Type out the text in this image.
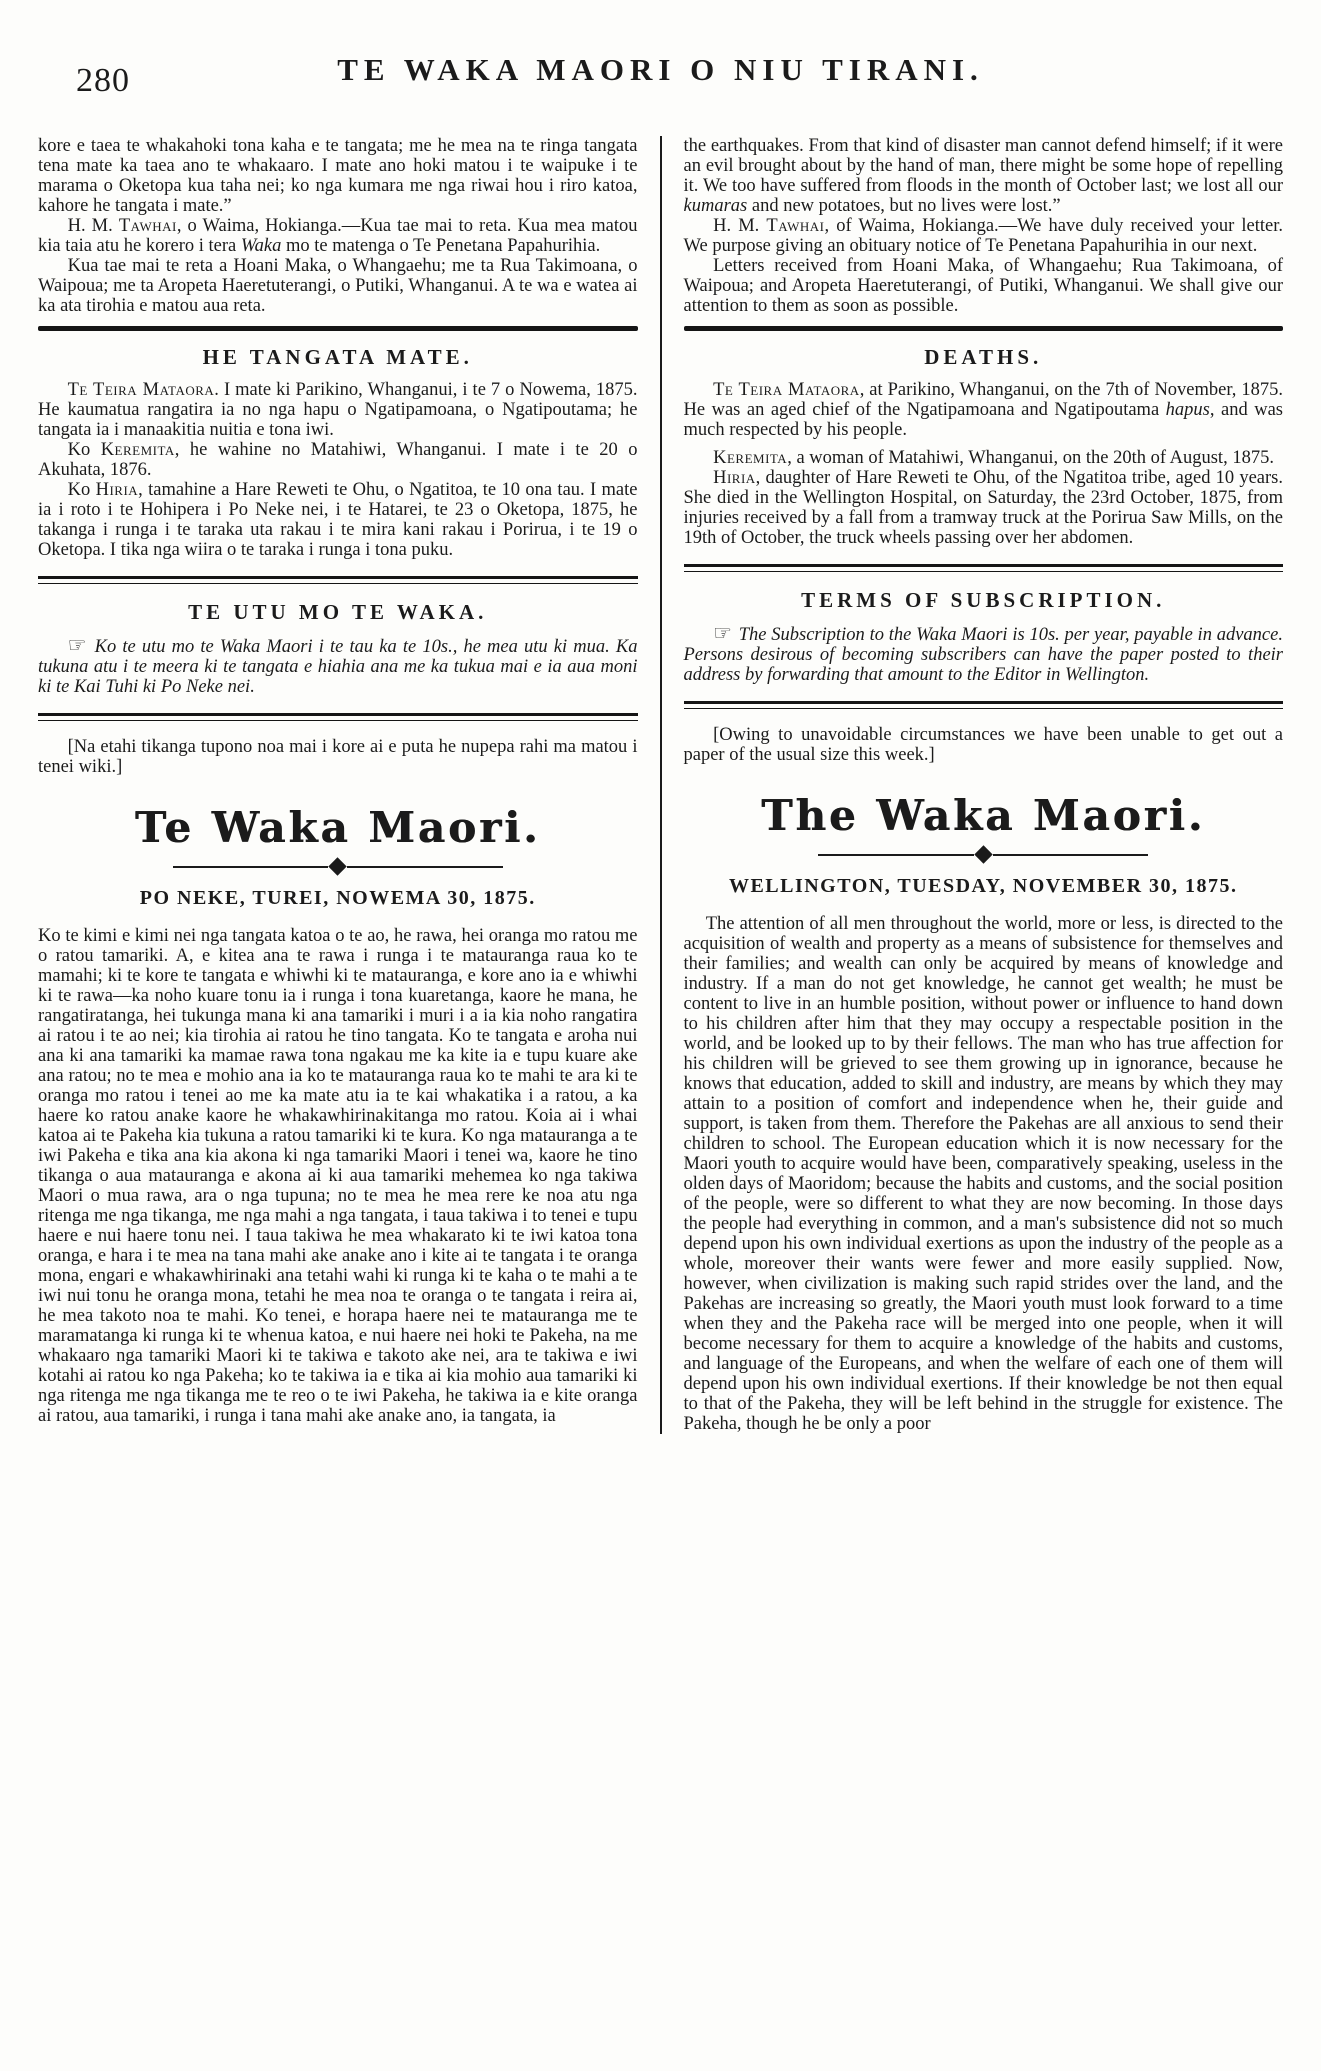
280	TE WAKA MAORI O NIU TIRANI.

kore e taea te whakahoki tona kaha e te tangata; me he mea na te ringa tangata tena mate ka taea ano te whakaaro. I mate ano hoki matou i te waipuke i te marama o Oketopa kua taha nei; ko nga kumara me nga riwai hou i riro katoa, kahore he tangata i mate.”

H. M. Tawhai, o Waima, Hokianga.—Kua tae mai to reta. Kua mea matou kia taia atu he korero i tera Waka mo te matenga o Te Penetana Papahurihia.

Kua tae mai te reta a Hoani Maka, o Whangaehu; me ta Rua Takimoana, o Waipoua; me ta Aropeta Haeretuterangi, o Putiki, Whanganui. A te wa e watea ai ka ata tirohia e matou aua reta.

HE TANGATA MATE.

Te Teira Mataora. I mate ki Parikino, Whanganui, i te 7 o Nowema, 1875. He kaumatua rangatira ia no nga hapu o Ngatipamoana, o Ngatipoutama; he tangata ia i manaakitia nuitia e tona iwi.

Ko Keremita, he wahine no Matahiwi, Whanganui. I mate i te 20 o Akuhata, 1876.

Ko Hiria, tamahine a Hare Reweti te Ohu, o Ngatitoa, te 10 ona tau. I mate ia i roto i te Hohipera i Po Neke nei, i te Hatarei, te 23 o Oketopa, 1875, he takanga i runga i te taraka uta rakau i te mira kani rakau i Porirua, i te 19 o Oketopa. I tika nga wiira o te taraka i runga i tona puku.

TE UTU MO TE WAKA.

☞ Ko te utu mo te Waka Maori i te tau ka te 10s., he mea utu ki mua. Ka tukuna atu i te meera ki te tangata e hiahia ana me ka tukua mai e ia aua moni ki te Kai Tuhi ki Po Neke nei.

[Na etahi tikanga tupono noa mai i kore ai e puta he nupepa rahi ma matou i tenei wiki.]

Te Waka Maori.
PO NEKE, TUREI, NOWEMA 30, 1875.

Ko te kimi e kimi nei nga tangata katoa o te ao, he rawa, hei oranga mo ratou me o ratou tamariki. A, e kitea ana te rawa i runga i te matauranga raua ko te mamahi; ki te kore te tangata e whiwhi ki te matauranga, e kore ano ia e whiwhi ki te rawa—ka noho kuare tonu ia i runga i tona kuaretanga, kaore he mana, he rangatiratanga, hei tukunga mana ki ana tamariki i muri i a ia kia noho rangatira ai ratou i te ao nei; kia tirohia ai ratou he tino tangata. Ko te tangata e aroha nui ana ki ana tamariki ka mamae rawa tona ngakau me ka kite ia e tupu kuare ake ana ratou; no te mea e mohio ana ia ko te matauranga raua ko te mahi te ara ki te oranga mo ratou i tenei ao me ka mate atu ia te kai whakatika i a ratou, a ka haere ko ratou anake kaore he whakawhirinakitanga mo ratou. Koia ai i whai katoa ai te Pakeha kia tukuna a ratou tamariki ki te kura. Ko nga matauranga a te iwi Pakeha e tika ana kia akona ki nga tamariki Maori i tenei wa, kaore he tino tikanga o aua matauranga e akona ai ki aua tamariki mehemea ko nga takiwa Maori o mua rawa, ara o nga tupuna; no te mea he mea rere ke noa atu nga ritenga me nga tikanga, me nga mahi a nga tangata, i taua takiwa i to tenei e tupu haere e nui haere tonu nei. I taua takiwa he mea whakarato ki te iwi katoa tona oranga, e hara i te mea na tana mahi ake anake ano i kite ai te tangata i te oranga mona, engari e whakawhirinaki ana tetahi wahi ki runga ki te kaha o te mahi a te iwi nui tonu he oranga mona, tetahi he mea noa te oranga o te tangata i reira ai, he mea takoto noa te mahi. Ko tenei, e horapa haere nei te matauranga me te maramatanga ki runga ki te whenua katoa, e nui haere nei hoki te Pakeha, na me whakaaro nga tamariki Maori ki te takiwa e takoto ake nei, ara te takiwa e iwi kotahi ai ratou ko nga Pakeha; ko te takiwa ia e tika ai kia mohio aua tamariki ki nga ritenga me nga tikanga me te reo o te iwi Pakeha, he takiwa ia e kite oranga ai ratou, aua tamariki, i runga i tana mahi ake anake ano, ia tangata, ia

the earthquakes. From that kind of disaster man cannot defend himself; if it were an evil brought about by the hand of man, there might be some hope of repelling it. We too have suffered from floods in the month of October last; we lost all our kumaras and new potatoes, but no lives were lost.”

H. M. Tawhai, of Waima, Hokianga.—We have duly received your letter. We purpose giving an obituary notice of Te Penetana Papahurihia in our next.

Letters received from Hoani Maka, of Whangaehu; Rua Takimoana, of Waipoua; and Aropeta Haeretuterangi, of Putiki, Whanganui. We shall give our attention to them as soon as possible.

DEATHS.

Te Teira Mataora, at Parikino, Whanganui, on the 7th of November, 1875. He was an aged chief of the Ngatipamoana and Ngatipoutama hapus, and was much respected by his people.

Keremita, a woman of Matahiwi, Whanganui, on the 20th of August, 1875.

Hiria, daughter of Hare Reweti te Ohu, of the Ngatitoa tribe, aged 10 years. She died in the Wellington Hospital, on Saturday, the 23rd October, 1875, from injuries received by a fall from a tramway truck at the Porirua Saw Mills, on the 19th of October, the truck wheels passing over her abdomen.

TERMS OF SUBSCRIPTION.

☞ The Subscription to the Waka Maori is 10s. per year, payable in advance. Persons desirous of becoming subscribers can have the paper posted to their address by forwarding that amount to the Editor in Wellington.

[Owing to unavoidable circumstances we have been unable to get out a paper of the usual size this week.]

The Waka Maori.
WELLINGTON, TUESDAY, NOVEMBER 30, 1875.

The attention of all men throughout the world, more or less, is directed to the acquisition of wealth and property as a means of subsistence for themselves and their families; and wealth can only be acquired by means of knowledge and industry. If a man do not get knowledge, he cannot get wealth; he must be content to live in an humble position, without power or influence to hand down to his children after him that they may occupy a respectable position in the world, and be looked up to by their fellows. The man who has true affection for his children will be grieved to see them growing up in ignorance, because he knows that education, added to skill and industry, are means by which they may attain to a position of comfort and independence when he, their guide and support, is taken from them. Therefore the Pakehas are all anxious to send their children to school. The European education which it is now necessary for the Maori youth to acquire would have been, comparatively speaking, useless in the olden days of Maoridom; because the habits and customs, and the social position of the people, were so different to what they are now becoming. In those days the people had everything in common, and a man's subsistence did not so much depend upon his own individual exertions as upon the industry of the people as a whole, moreover their wants were fewer and more easily supplied. Now, however, when civilization is making such rapid strides over the land, and the Pakehas are increasing so greatly, the Maori youth must look forward to a time when they and the Pakeha race will be merged into one people, when it will become necessary for them to acquire a knowledge of the habits and customs, and language of the Europeans, and when the welfare of each one of them will depend upon his own individual exertions. If their knowledge be not then equal to that of the Pakeha, they will be left behind in the struggle for existence. The Pakeha, though he be only a poor
